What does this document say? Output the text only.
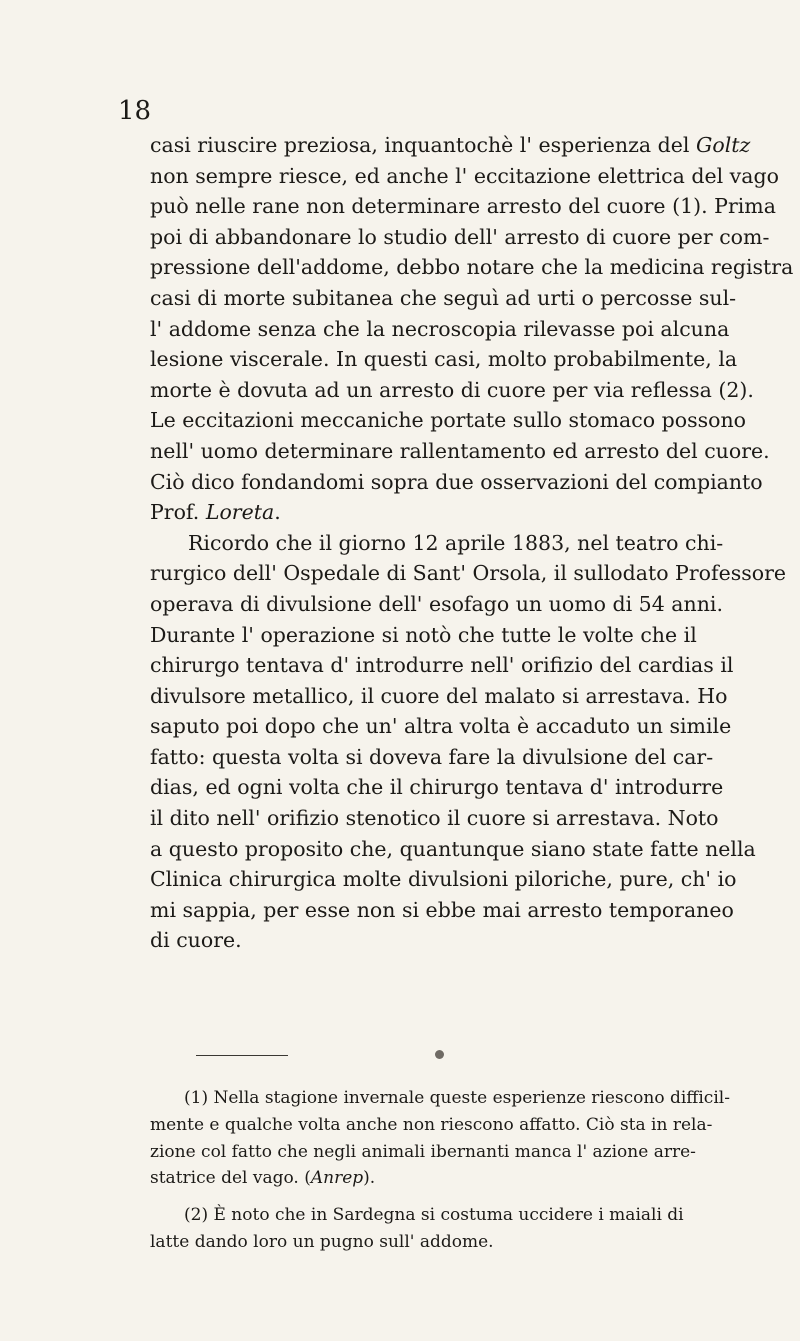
18

casi riuscire preziosa, inquantochè l' esperienza del Goltz
non sempre riesce, ed anche l' eccitazione elettrica del vago
può nelle rane non determinare arresto del cuore (1). Prima
poi di abbandonare lo studio dell' arresto di cuore per com-
pressione dell'addome, debbo notare che la medicina registra
casi di morte subitanea che seguì ad urti o percosse sul-
l' addome senza che la necroscopia rilevasse poi alcuna
lesione viscerale. In questi casi, molto probabilmente, la
morte è dovuta ad un arresto di cuore per via reflessa (2).
Le eccitazioni meccaniche portate sullo stomaco possono
nell' uomo determinare rallentamento ed arresto del cuore.
Ciò dico fondandomi sopra due osservazioni del compianto
Prof. Loreta.
Ricordo che il giorno 12 aprile 1883, nel teatro chi-
rurgico dell' Ospedale di Sant' Orsola, il sullodato Professore
operava di divulsione dell' esofago un uomo di 54 anni.
Durante l' operazione si notò che tutte le volte che il
chirurgo tentava d' introdurre nell' orifizio del cardias il
divulsore metallico, il cuore del malato si arrestava. Ho
saputo poi dopo che un' altra volta è accaduto un simile
fatto: questa volta si doveva fare la divulsione del car-
dias, ed ogni volta che il chirurgo tentava d' introdurre
il dito nell' orifizio stenotico il cuore si arrestava. Noto
a questo proposito che, quantunque siano state fatte nella
Clinica chirurgica molte divulsioni piloriche, pure, ch' io
mi sappia, per esse non si ebbe mai arresto temporaneo
di cuore.
(1) Nella stagione invernale queste esperienze riescono difficil-
mente e qualche volta anche non riescono affatto. Ciò sta in rela-
zione col fatto che negli animali ibernanti manca l' azione arre-
statrice del vago. (Anrep).
(2) È noto che in Sardegna si costuma uccidere i maiali di
latte dando loro un pugno sull' addome.
